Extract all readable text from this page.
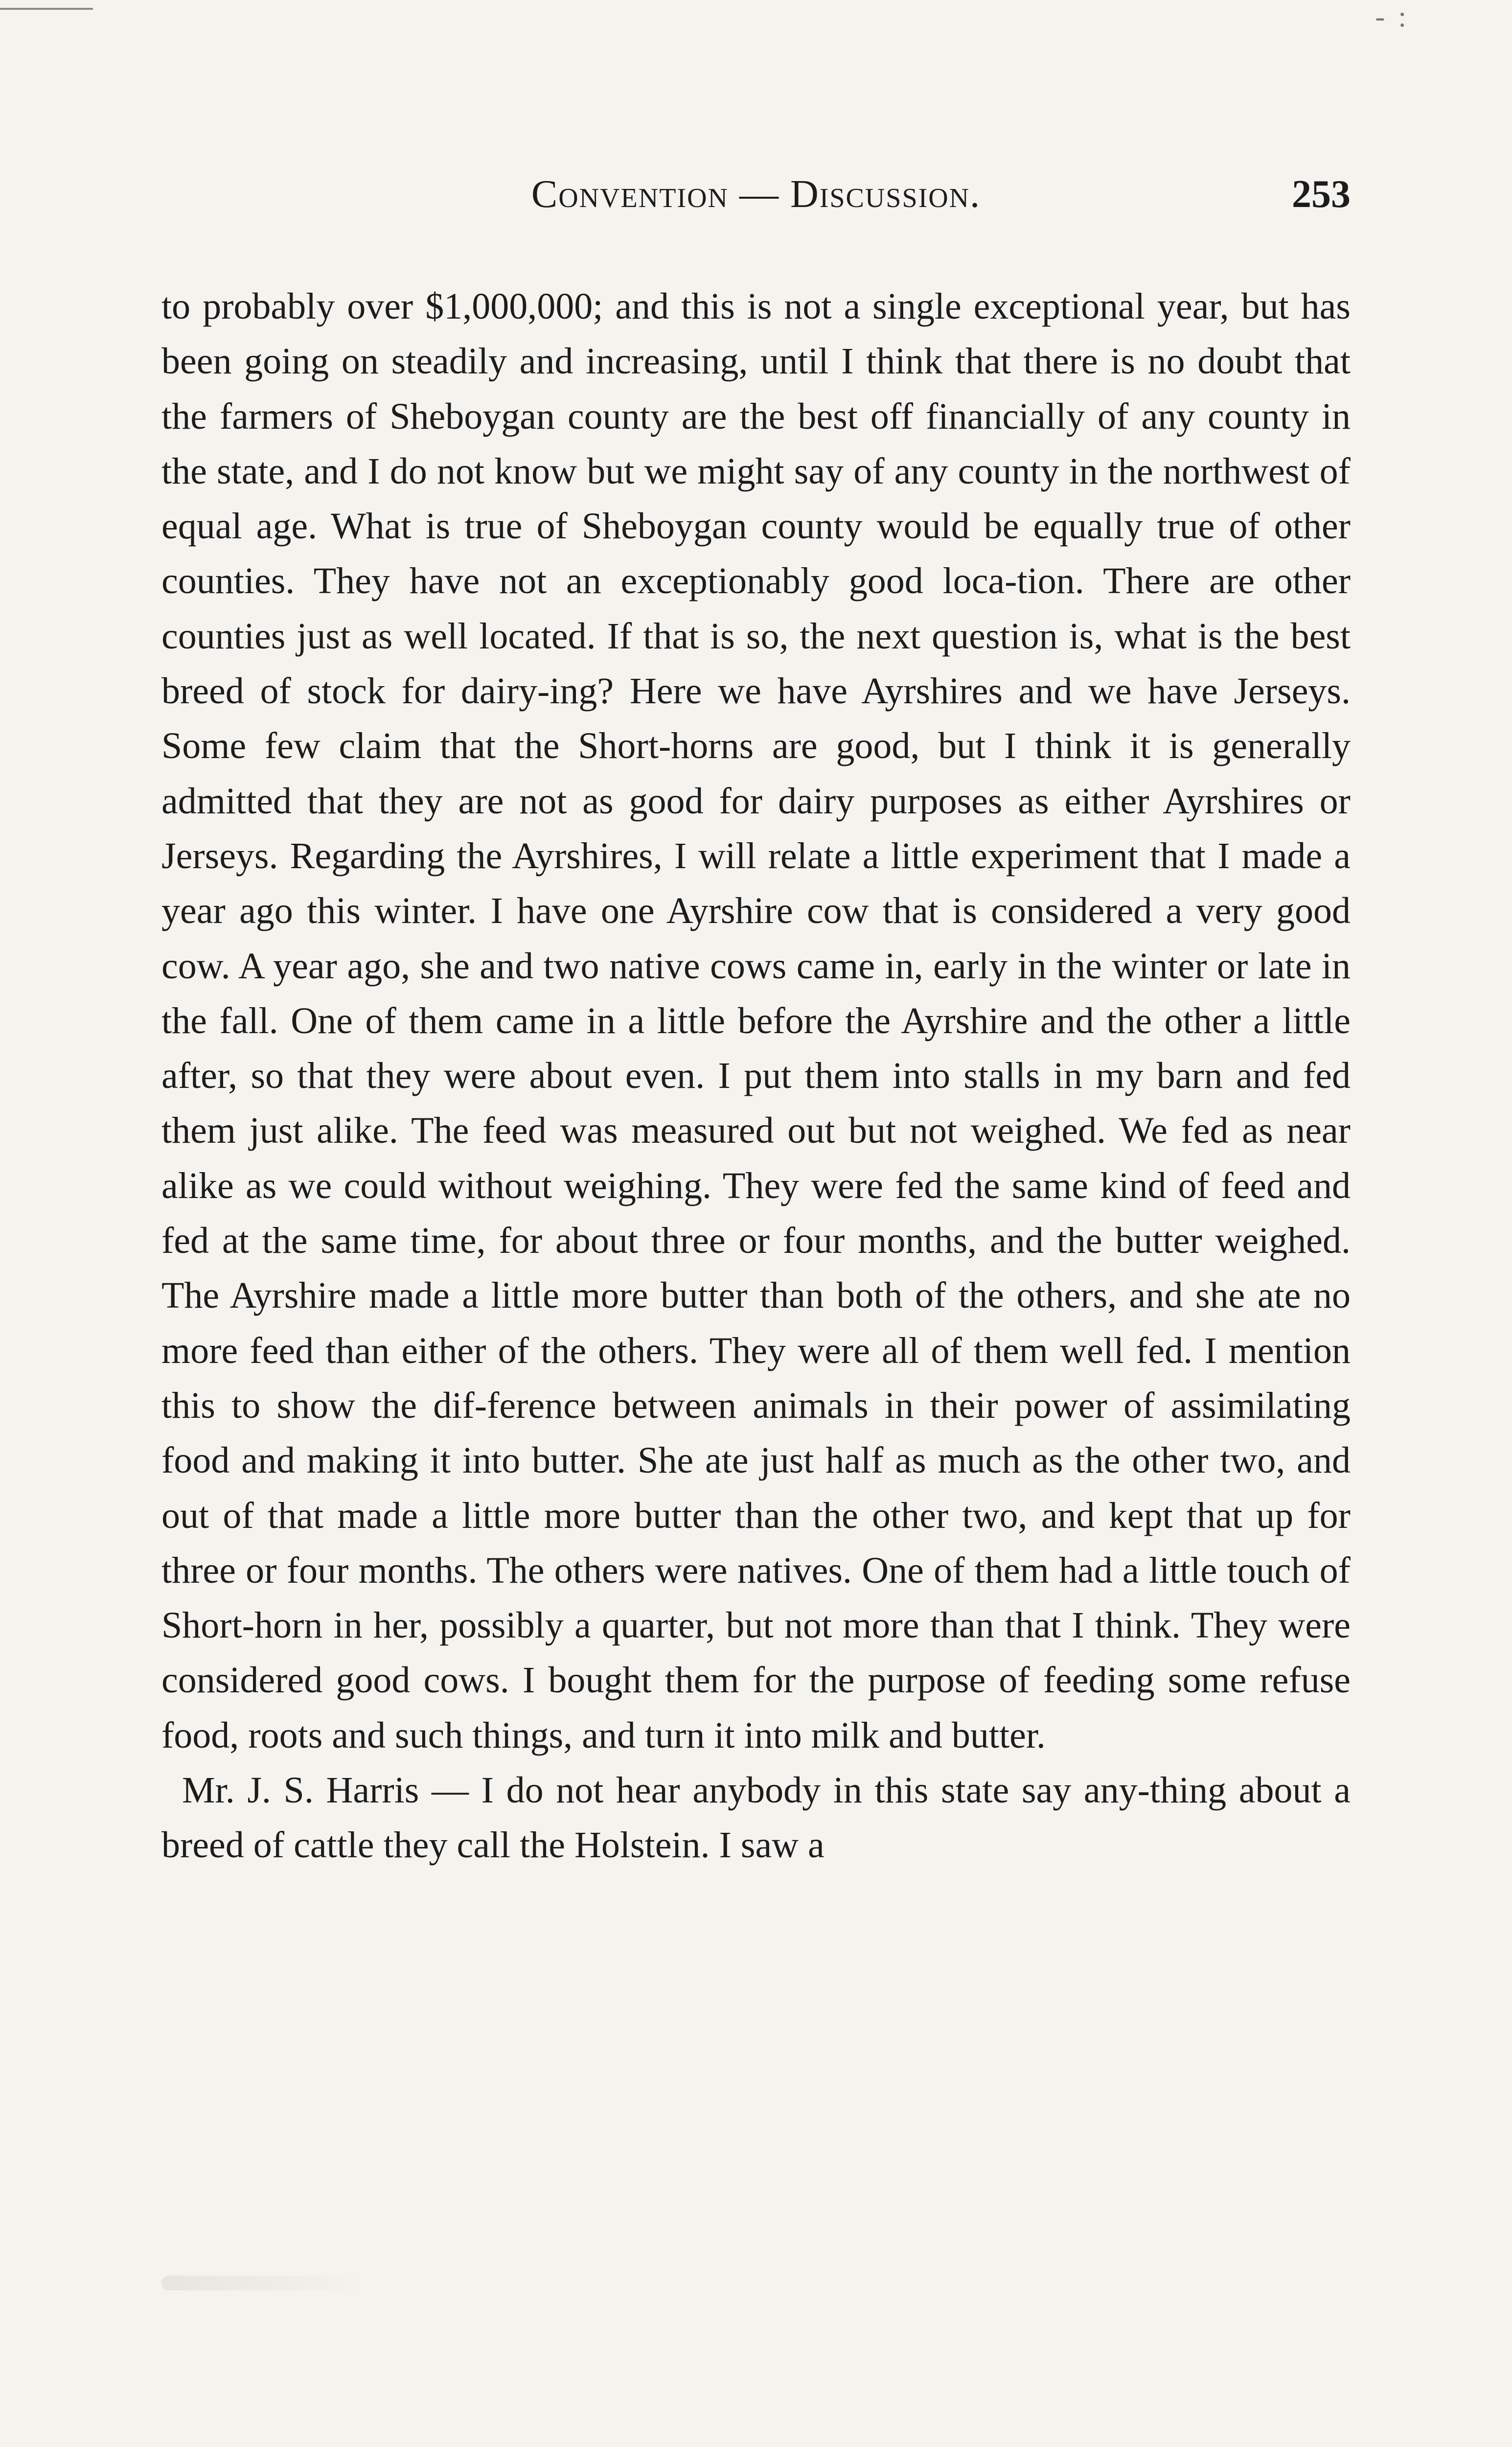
- :
Convention — Discussion.	253

to probably over $1,000,000; and this is not a single exceptional year, but has been going on steadily and increasing, until I think that there is no doubt that the farmers of Sheboygan county are the best off financially of any county in the state, and I do not know but we might say of any county in the northwest of equal age. What is true of Sheboygan county would be equally true of other counties. They have not an exceptionably good loca-tion. There are other counties just as well located. If that is so, the next question is, what is the best breed of stock for dairy-ing? Here we have Ayrshires and we have Jerseys. Some few claim that the Short-horns are good, but I think it is generally admitted that they are not as good for dairy purposes as either Ayrshires or Jerseys. Regarding the Ayrshires, I will relate a little experiment that I made a year ago this winter. I have one Ayrshire cow that is considered a very good cow. A year ago, she and two native cows came in, early in the winter or late in the fall. One of them came in a little before the Ayrshire and the other a little after, so that they were about even. I put them into stalls in my barn and fed them just alike. The feed was measured out but not weighed. We fed as near alike as we could without weighing. They were fed the same kind of feed and fed at the same time, for about three or four months, and the butter weighed. The Ayrshire made a little more butter than both of the others, and she ate no more feed than either of the others. They were all of them well fed. I mention this to show the dif-ference between animals in their power of assimilating food and making it into butter. She ate just half as much as the other two, and out of that made a little more butter than the other two, and kept that up for three or four months. The others were natives. One of them had a little touch of Short-horn in her, possibly a quarter, but not more than that I think. They were considered good cows. I bought them for the purpose of feeding some refuse food, roots and such things, and turn it into milk and butter.

Mr. J. S. Harris — I do not hear anybody in this state say any-thing about a breed of cattle they call the Holstein. I saw a
